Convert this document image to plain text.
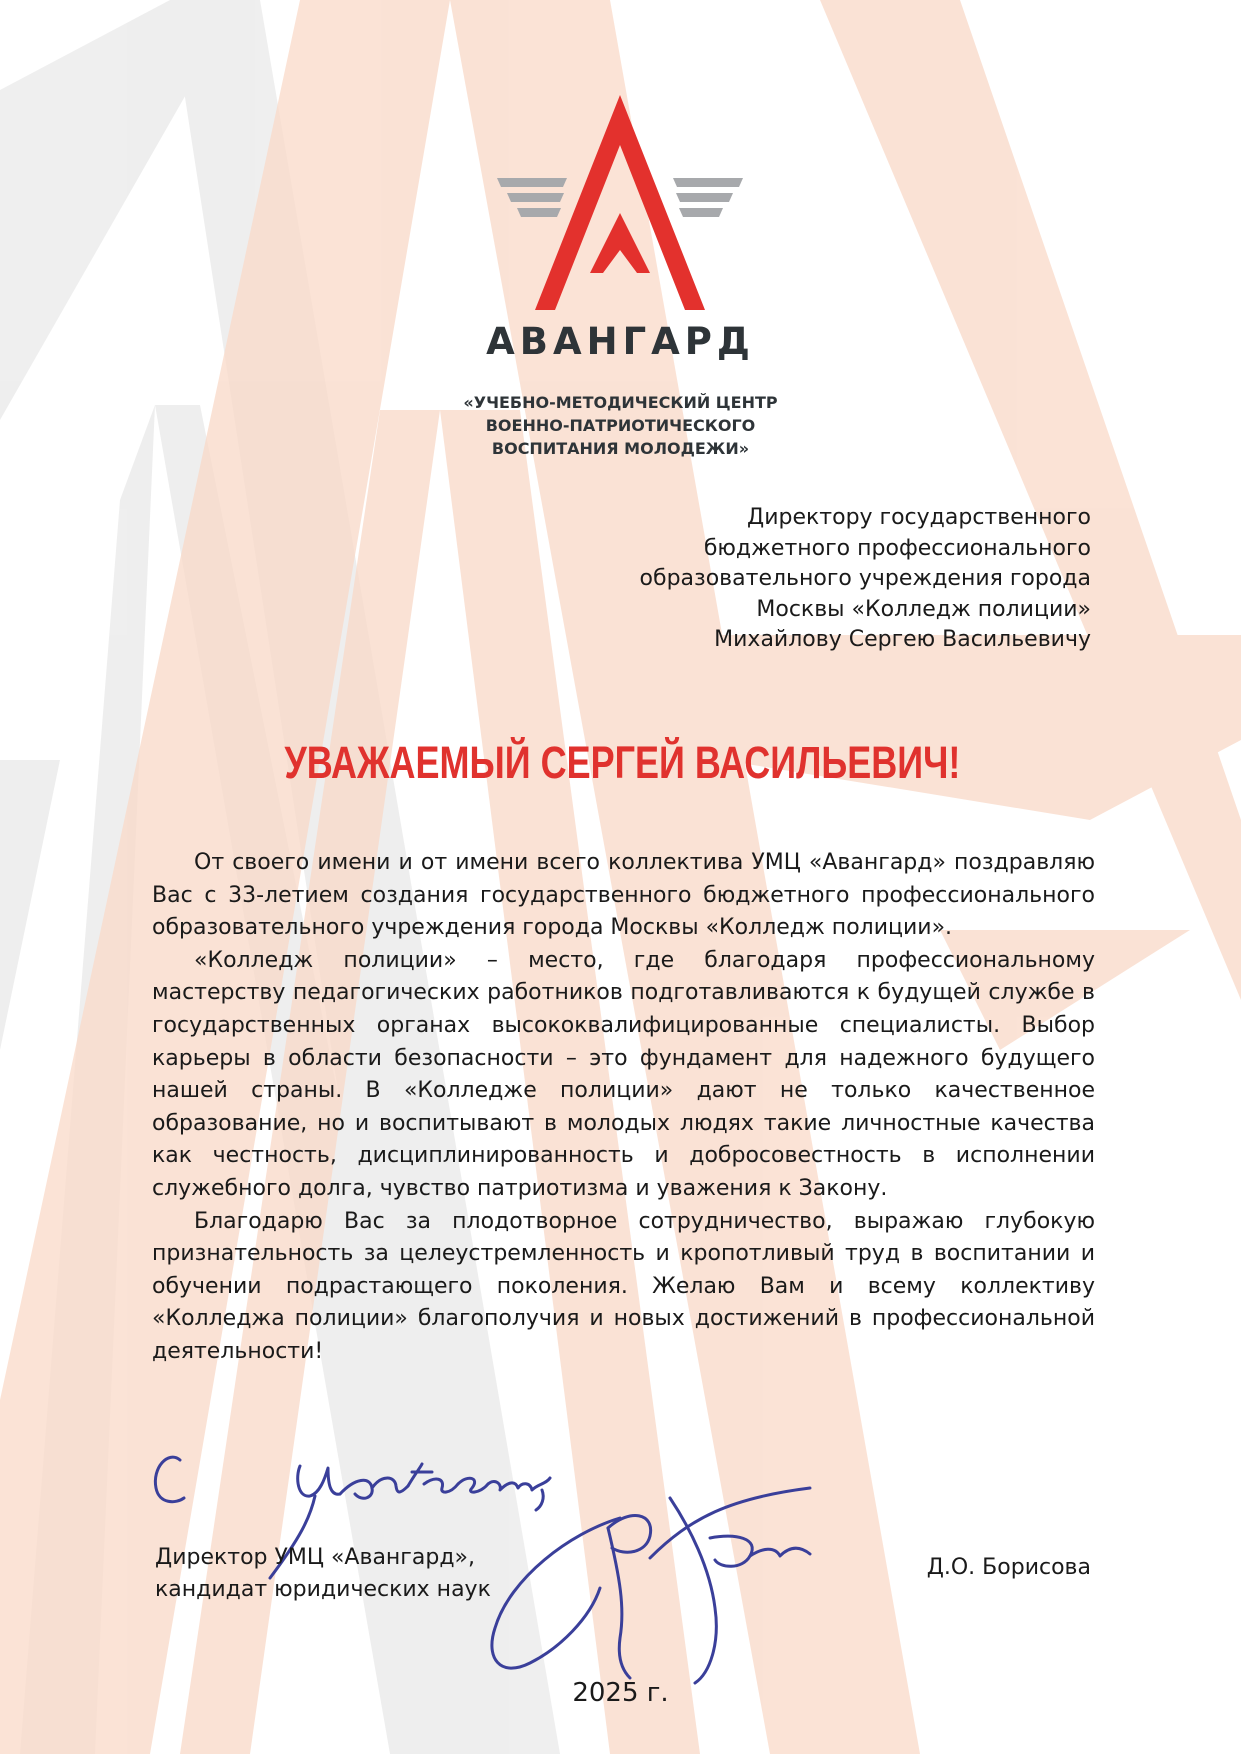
АВАНГАРД
«УЧЕБНО-МЕТОДИЧЕСКИЙ ЦЕНТР
ВОЕННО-ПАТРИОТИЧЕСКОГО
ВОСПИТАНИЯ МОЛОДЕЖИ»
Директору государственного
бюджетного профессионального
образовательного учреждения города
Москвы «Колледж полиции»
Михайлову Сергею Васильевичу
УВАЖАЕМЫЙ СЕРГЕЙ ВАСИЛЬЕВИЧ!

От своего имени и от имени всего коллектива УМЦ «Авангард» поздравляю Вас с 33-летием создания государственного бюджетного профессионального образовательного учреждения города Москвы «Колледж полиции».

«Колледж полиции» – место, где благодаря профессиональному мастерству педагогических работников подготавливаются к будущей службе в государственных органах высококвалифицированные специалисты. Выбор карьеры в области безопасности – это фундамент для надежного будущего нашей страны. В «Колледже полиции» дают не только качественное образование, но и воспитывают в молодых людях такие личностные качества как честность, дисциплинированность и добросовестность в исполнении служебного долга, чувство патриотизма и уважения к Закону.

Благодарю Вас за плодотворное сотрудничество, выражаю глубокую признательность за целеустремленность и кропотливый труд в воспитании и обучении подрастающего поколения. Желаю Вам и всему коллективу «Колледжа полиции» благополучия и новых достижений в профессиональной деятельности!

Директор УМЦ «Авангард»,
кандидат юридических наук
Д.О. Борисова
2025 г.
